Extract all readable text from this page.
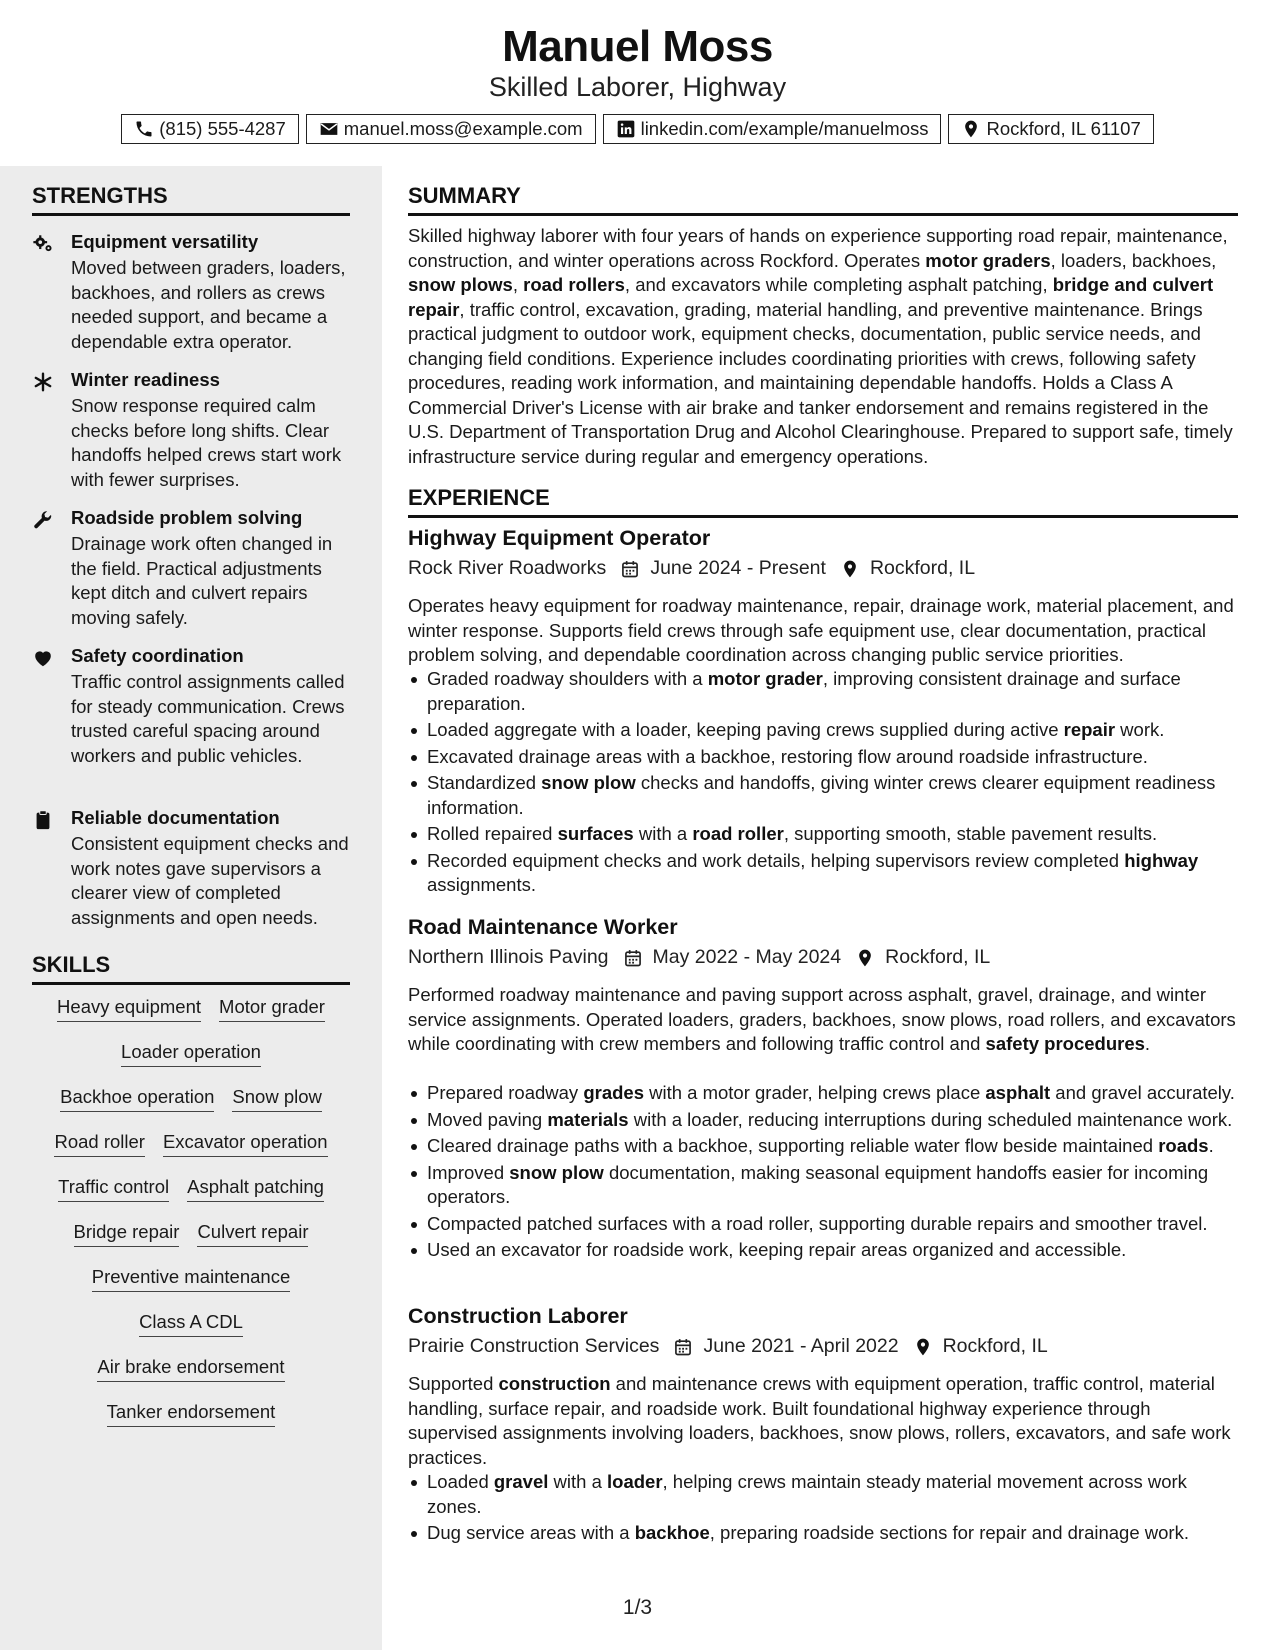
Manuel Moss
Skilled Laborer, Highway
(815) 555-4287	manuel.moss@example.com	linkedin.com/example/manuelmoss	Rockford, IL 61107
STRENGTHS
Equipment versatility
Moved between graders, loaders, backhoes, and rollers as crews needed support, and became a dependable extra operator.
Winter readiness
Snow response required calm checks before long shifts. Clear handoffs helped crews start work with fewer surprises.
Roadside problem solving
Drainage work often changed in the field. Practical adjustments kept ditch and culvert repairs moving safely.
Safety coordination
Traffic control assignments called for steady communication. Crews trusted careful spacing around workers and public vehicles.
Reliable documentation
Consistent equipment checks and work notes gave supervisors a clearer view of completed assignments and open needs.
SKILLS
Heavy equipment Motor grader
Loader operation
Backhoe operation Snow plow
Road roller Excavator operation
Traffic control Asphalt patching
Bridge repair Culvert repair
Preventive maintenance
Class A CDL
Air brake endorsement
Tanker endorsement
SUMMARY
Skilled highway laborer with four years of hands on experience supporting road repair, maintenance, construction, and winter operations across Rockford. Operates motor graders, loaders, backhoes, snow plows, road rollers, and excavators while completing asphalt patching, bridge and culvert repair, traffic control, excavation, grading, material handling, and preventive maintenance. Brings practical judgment to outdoor work, equipment checks, documentation, public service needs, and changing field conditions. Experience includes coordinating priorities with crews, following safety procedures, reading work information, and maintaining dependable handoffs. Holds a Class A Commercial Driver's License with air brake and tanker endorsement and remains registered in the U.S. Department of Transportation Drug and Alcohol Clearinghouse. Prepared to support safe, timely infrastructure service during regular and emergency operations.
EXPERIENCE
Highway Equipment Operator
Rock River Roadworks June 2024 - Present Rockford, IL
Operates heavy equipment for roadway maintenance, repair, drainage work, material placement, and winter response. Supports field crews through safe equipment use, clear documentation, practical problem solving, and dependable coordination across changing public service priorities.
Graded roadway shoulders with a motor grader, improving consistent drainage and surface preparation.
Loaded aggregate with a loader, keeping paving crews supplied during active repair work.
Excavated drainage areas with a backhoe, restoring flow around roadside infrastructure.
Standardized snow plow checks and handoffs, giving winter crews clearer equipment readiness information.
Rolled repaired surfaces with a road roller, supporting smooth, stable pavement results.
Recorded equipment checks and work details, helping supervisors review completed highway assignments.
Road Maintenance Worker
Northern Illinois Paving May 2022 - May 2024 Rockford, IL
Performed roadway maintenance and paving support across asphalt, gravel, drainage, and winter service assignments. Operated loaders, graders, backhoes, snow plows, road rollers, and excavators while coordinating with crew members and following traffic control and safety procedures.
Prepared roadway grades with a motor grader, helping crews place asphalt and gravel accurately.
Moved paving materials with a loader, reducing interruptions during scheduled maintenance work.
Cleared drainage paths with a backhoe, supporting reliable water flow beside maintained roads.
Improved snow plow documentation, making seasonal equipment handoffs easier for incoming operators.
Compacted patched surfaces with a road roller, supporting durable repairs and smoother travel.
Used an excavator for roadside work, keeping repair areas organized and accessible.
Construction Laborer
Prairie Construction Services June 2021 - April 2022 Rockford, IL
Supported construction and maintenance crews with equipment operation, traffic control, material handling, surface repair, and roadside work. Built foundational highway experience through supervised assignments involving loaders, backhoes, snow plows, rollers, excavators, and safe work practices.
Loaded gravel with a loader, helping crews maintain steady material movement across work zones.
Dug service areas with a backhoe, preparing roadside sections for repair and drainage work.
1/3
